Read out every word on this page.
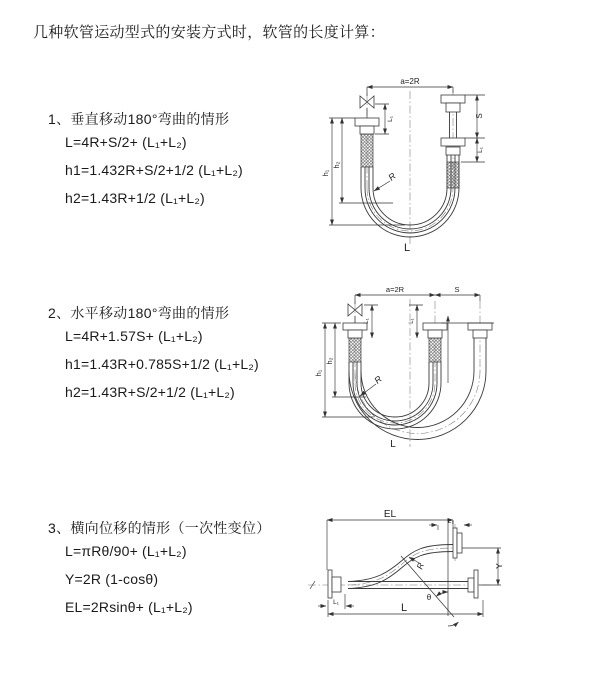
几种软管运动型式的安装方式时，软管的长度计算：
1、垂直移动180°弯曲的情形
L=4R+S/2+ (L₁+L₂)
h1=1.432R+S/2+1/2 (L₁+L₂)
h2=1.43R+1/2 (L₁+L₂)
2、水平移动180°弯曲的情形
L=4R+1.57S+ (L₁+L₂)
h1=1.43R+0.785S+1/2 (L₁+L₂)
h2=1.43R+S/2+1/2 (L₁+L₂)
3、横向位移的情形（一次性变位）
L=πRθ/90+ (L₁+L₂)
Y=2R (1-cosθ)
EL=2Rsinθ+ (L₁+L₂)
a=2R
h₁
h₂
L₁
S
L₁
R
L
a=2R	S
h₁
h₂
L₁	L₁
R
L
EL
L₂
θ
R	Y
L₁	L
